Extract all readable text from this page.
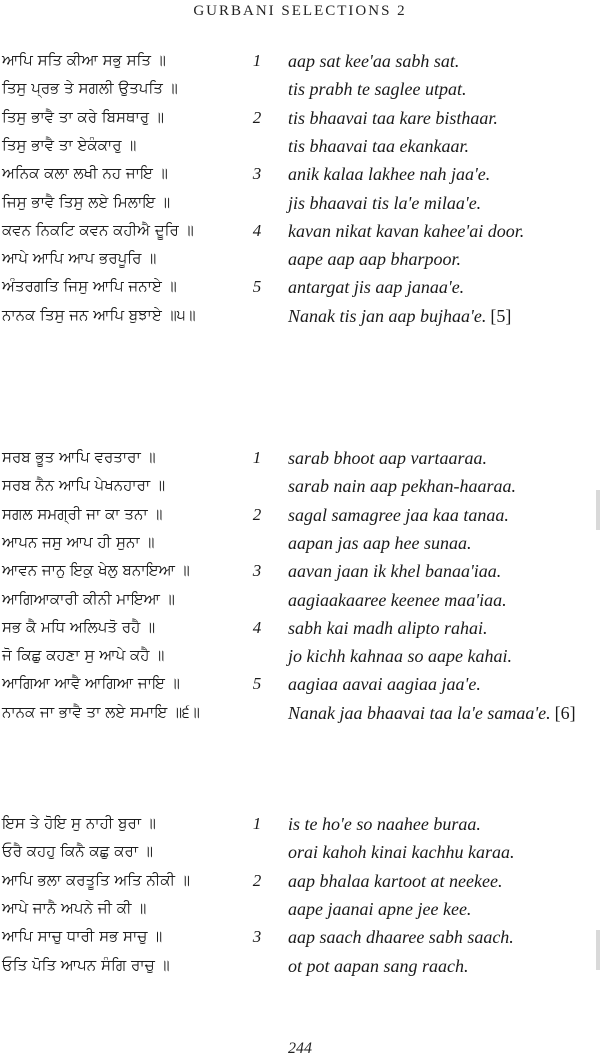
GURBANI SELECTIONS 2
ਆਪਿ ਸਤਿ ਕੀਆ ਸਭੁ ਸਤਿ ॥	1 aap sat kee'aa sabh sat.
ਤਿਸੁ ਪ੍ਰਭ ਤੇ ਸਗਲੀ ਉਤਪਤਿ ॥	tis prabh te saglee utpat.
ਤਿਸੁ ਭਾਵੈ ਤਾ ਕਰੇ ਬਿਸਥਾਰੁ ॥	2 tis bhaavai taa kare bisthaar.
ਤਿਸੁ ਭਾਵੈ ਤਾ ਏਕੰਕਾਰੁ ॥	tis bhaavai taa ekankaar.
ਅਨਿਕ ਕਲਾ ਲਖੀ ਨਹ ਜਾਇ ॥	3 anik kalaa lakhee nah jaa'e.
ਜਿਸੁ ਭਾਵੈ ਤਿਸੁ ਲਏ ਮਿਲਾਇ ॥	jis bhaavai tis la'e milaa'e.
ਕਵਨ ਨਿਕਟਿ ਕਵਨ ਕਹੀਐ ਦੂਰਿ ॥	4 kavan nikat kavan kahee'ai door.
ਆਪੇ ਆਪਿ ਆਪ ਭਰਪੂਰਿ ॥	aape aap aap bharpoor.
ਅੰਤਰਗਤਿ ਜਿਸੁ ਆਪਿ ਜਨਾਏ ॥	5 antargat jis aap janaa'e.
ਨਾਨਕ ਤਿਸੁ ਜਨ ਆਪਿ ਬੁਝਾਏ ॥੫॥	Nanak tis jan aap bujhaa'e. [5]
ਸਰਬ ਭੂਤ ਆਪਿ ਵਰਤਾਰਾ ॥	1 sarab bhoot aap vartaaraa.
ਸਰਬ ਨੈਨ ਆਪਿ ਪੇਖਨਹਾਰਾ ॥	sarab nain aap pekhan-haaraa.
ਸਗਲ ਸਮਗ੍ਰੀ ਜਾ ਕਾ ਤਨਾ ॥	2 sagal samagree jaa kaa tanaa.
ਆਪਨ ਜਸੁ ਆਪ ਹੀ ਸੁਨਾ ॥	aapan jas aap hee sunaa.
ਆਵਨ ਜਾਨੁ ਇਕੁ ਖੇਲੁ ਬਨਾਇਆ ॥	3 aavan jaan ik khel banaa'iaa.
ਆਗਿਆਕਾਰੀ ਕੀਨੀ ਮਾਇਆ ॥	aagiaakaaree keenee maa'iaa.
ਸਭ ਕੈ ਮਧਿ ਅਲਿਪਤੋ ਰਹੈ ॥	4 sabh kai madh alipto rahai.
ਜੋ ਕਿਛੁ ਕਹਣਾ ਸੁ ਆਪੇ ਕਹੈ ॥	jo kichh kahnaa so aape kahai.
ਆਗਿਆ ਆਵੈ ਆਗਿਆ ਜਾਇ ॥	5 aagiaa aavai aagiaa jaa'e.
ਨਾਨਕ ਜਾ ਭਾਵੈ ਤਾ ਲਏ ਸਮਾਇ ॥੬॥	Nanak jaa bhaavai taa la'e samaa'e. [6]
ਇਸ ਤੇ ਹੋਇ ਸੁ ਨਾਹੀ ਬੁਰਾ ॥	1 is te ho'e so naahee buraa.
ਓਰੈ ਕਹਹੁ ਕਿਨੈ ਕਛੁ ਕਰਾ ॥	orai kahoh kinai kachhu karaa.
ਆਪਿ ਭਲਾ ਕਰਤੂਤਿ ਅਤਿ ਨੀਕੀ ॥	2 aap bhalaa kartoot at neekee.
ਆਪੇ ਜਾਨੈ ਅਪਨੇ ਜੀ ਕੀ ॥	aape jaanai apne jee kee.
ਆਪਿ ਸਾਚੁ ਧਾਰੀ ਸਭ ਸਾਚੁ ॥	3 aap saach dhaaree sabh saach.
ਓਤਿ ਪੋਤਿ ਆਪਨ ਸੰਗਿ ਰਾਚੁ ॥	ot pot aapan sang raach.
244
